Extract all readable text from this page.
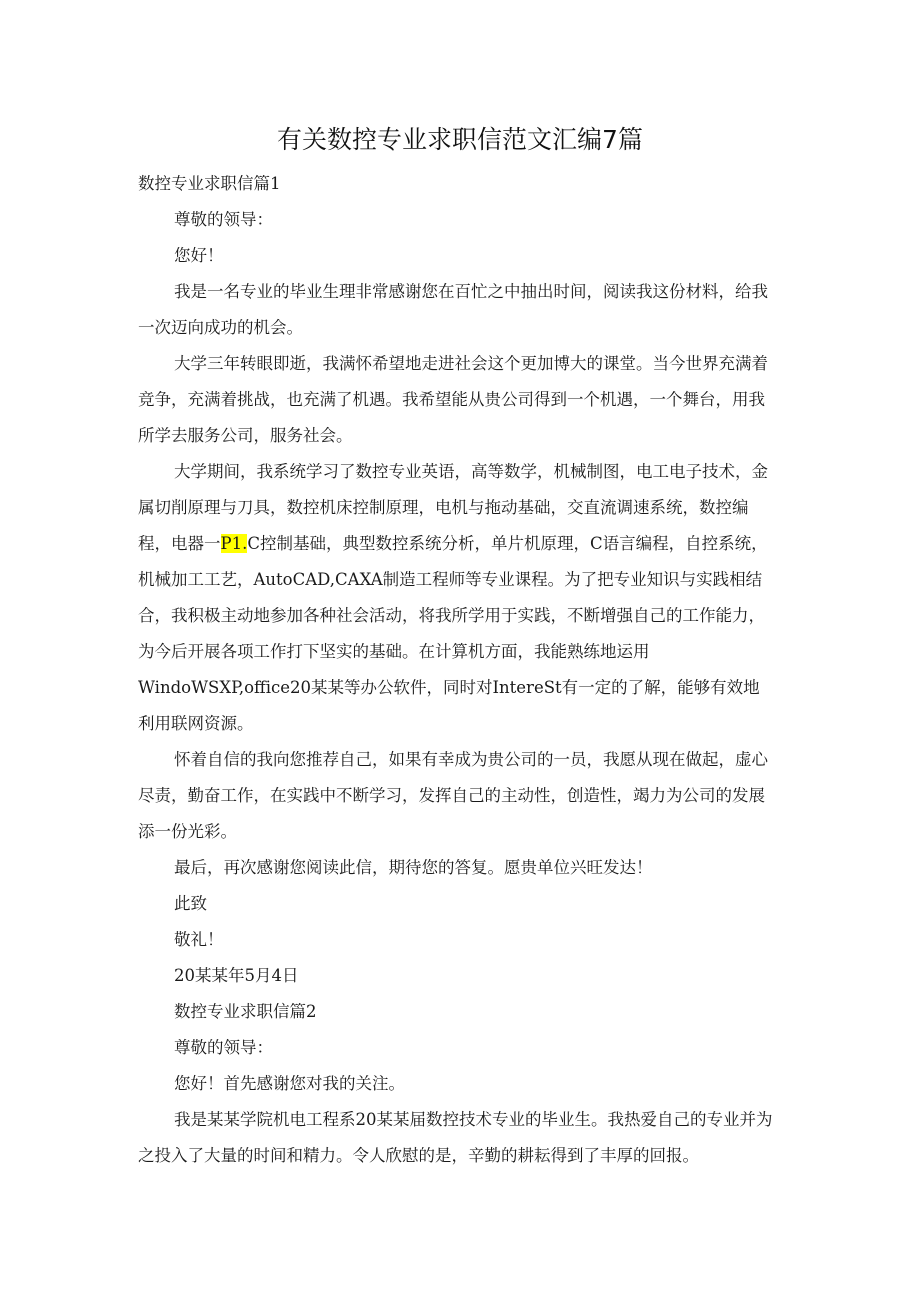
有关数控专业求职信范文汇编7篇

数控专业求职信篇1

尊敬的领导：

您好！

我是一名专业的毕业生理非常感谢您在百忙之中抽出时间，阅读我这份材料，给我一次迈向成功的机会。

大学三年转眼即逝，我满怀希望地走进社会这个更加博大的课堂。当今世界充满着竞争，充满着挑战，也充满了机遇。我希望能从贵公司得到一个机遇，一个舞台，用我所学去服务公司，服务社会。

大学期间，我系统学习了数控专业英语，高等数学，机械制图，电工电子技术，金属切削原理与刀具，数控机床控制原理，电机与拖动基础，交直流调速系统，数控编程，电器一P1.C控制基础，典型数控系统分析，单片机原理，C语言编程，自控系统，机械加工工艺，AutoCAD,CAXA制造工程师等专业课程。为了把专业知识与实践相结合，我积极主动地参加各种社会活动，将我所学用于实践，不断增强自己的工作能力，为今后开展各项工作打下坚实的基础。在计算机方面，我能熟练地运用WindoWSXP,office20某某等办公软件，同时对IntereSt有一定的了解，能够有效地利用联网资源。

怀着自信的我向您推荐自己，如果有幸成为贵公司的一员，我愿从现在做起，虚心尽责，勤奋工作，在实践中不断学习，发挥自己的主动性，创造性，竭力为公司的发展添一份光彩。

最后，再次感谢您阅读此信，期待您的答复。愿贵单位兴旺发达！

此致

敬礼！

20某某年5月4日

数控专业求职信篇2

尊敬的领导：

您好！首先感谢您对我的关注。

我是某某学院机电工程系20某某届数控技术专业的毕业生。我热爱自己的专业并为之投入了大量的时间和精力。令人欣慰的是，辛勤的耕耘得到了丰厚的回报。
